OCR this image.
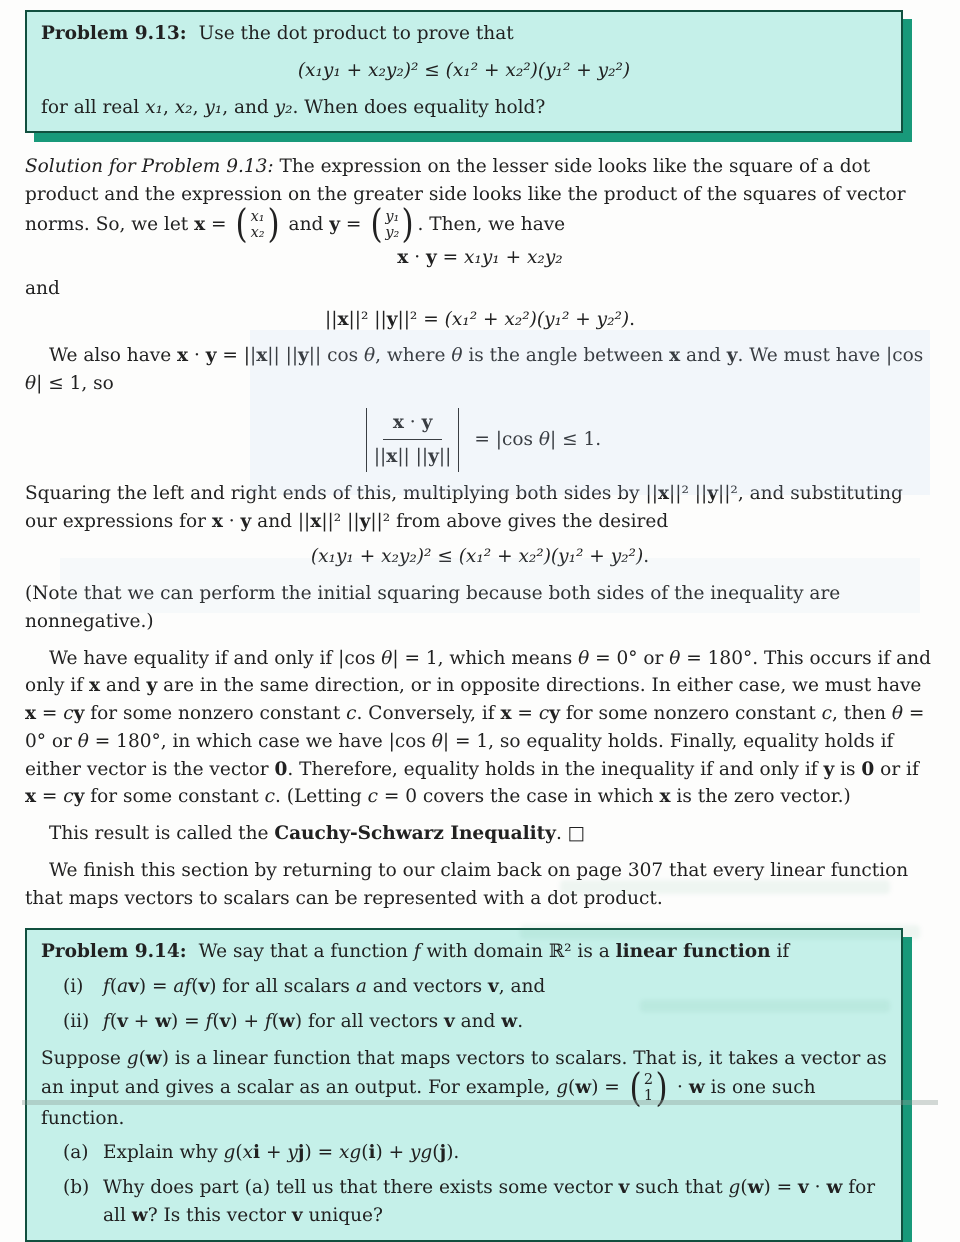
Problem 9.13: Use the dot product to prove that

(x₁y₁ + x₂y₂)² ≤ (x₁² + x₂²)(y₁² + y₂²)

for all real x₁, x₂, y₁, and y₂. When does equality hold?

Solution for Problem 9.13: The expression on the lesser side looks like the square of a dot product and the expression on the greater side looks like the product of the squares of vector norms. So, we let x = ( x₁
x₂ ) and y = ( y₁
y₂ ) . Then, we have

x · y = x₁y₁ + x₂y₂

and

||x||² ||y||² = (x₁² + x₂²)(y₁² + y₂²).

We also have x · y = ||x|| ||y|| cos θ, where θ is the angle between x and y. We must have |cos θ| ≤ 1, so

$\frac{x \cdot y}{||x|| ||y||} = |\cos$ θ| ≤ 1.

Squaring the left and right ends of this, multiplying both sides by ||x||² ||y||², and substituting our expressions for x · y and ||x||² ||y||² from above gives the desired

(x₁y₁ + x₂y₂)² ≤ (x₁² + x₂²)(y₁² + y₂²).

(Note that we can perform the initial squaring because both sides of the inequality are nonnegative.)

We have equality if and only if |cos θ| = 1, which means θ = 0° or θ = 180°. This occurs if and only if x and y are in the same direction, or in opposite directions. In either case, we must have x = cy for some nonzero constant c. Conversely, if x = cy for some nonzero constant c, then θ = 0° or θ = 180°, in which case we have |cos θ| = 1, so equality holds. Finally, equality holds if either vector is the vector 0. Therefore, equality holds in the inequality if and only if y is 0 or if x = cy for some constant c. (Letting c = 0 covers the case in which x is the zero vector.)

This result is called the Cauchy-Schwarz Inequality. □

We finish this section by returning to our claim back on page 307 that every linear function that maps vectors to scalars can be represented with a dot product.

Problem 9.14: We say that a function f with domain ℝ² is a linear function if

(i)	f(av) = af(v) for all scalars a and vectors v, and
(ii) f(v + w) = f(v) + f(w) for all vectors v and w.

Suppose g(w) is a linear function that maps vectors to scalars. That is, it takes a vector as an input and gives a scalar as an output. For example, g(w) = ( 2
1 ) · w is one such function.

(a) Explain why g(xi + yj) = xg(i) + yg(j).
(b) Why does part (a) tell us that there exists some vector v such that g(w) = v · w for all w? Is this vector v unique?
